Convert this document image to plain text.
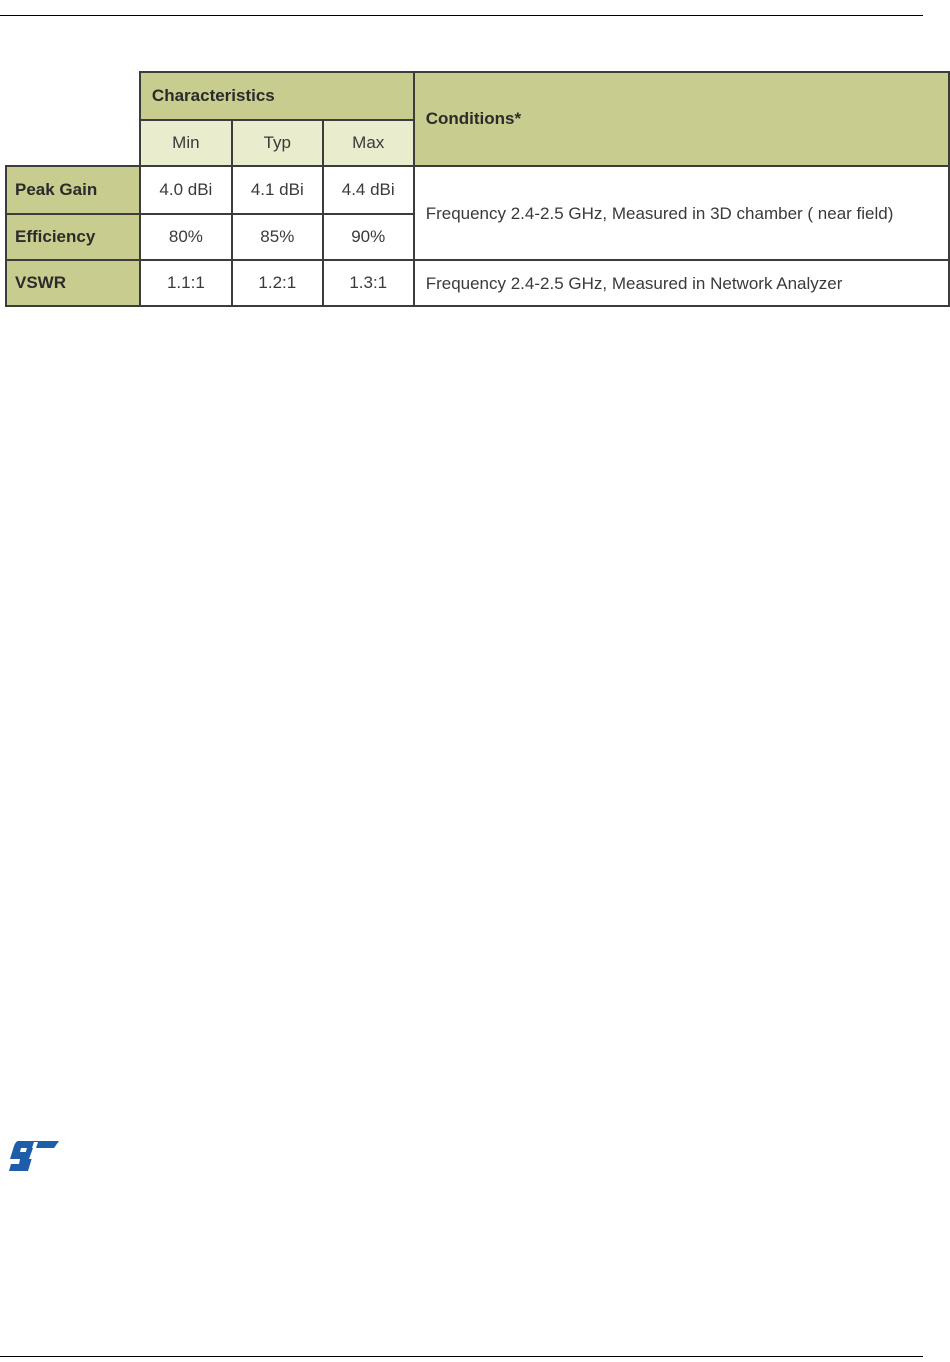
	Characteristics			Conditions*
	Min	Typ	Max	
Peak Gain	4.0 dBi	4.1 dBi	4.4 dBi	Frequency 2.4-2.5 GHz, Measured in 3D chamber ( near field)
Efficiency	80%	85%	90%	
VSWR	1.1:1	1.2:1	1.3:1	Frequency 2.4-2.5 GHz, Measured in Network Analyzer
